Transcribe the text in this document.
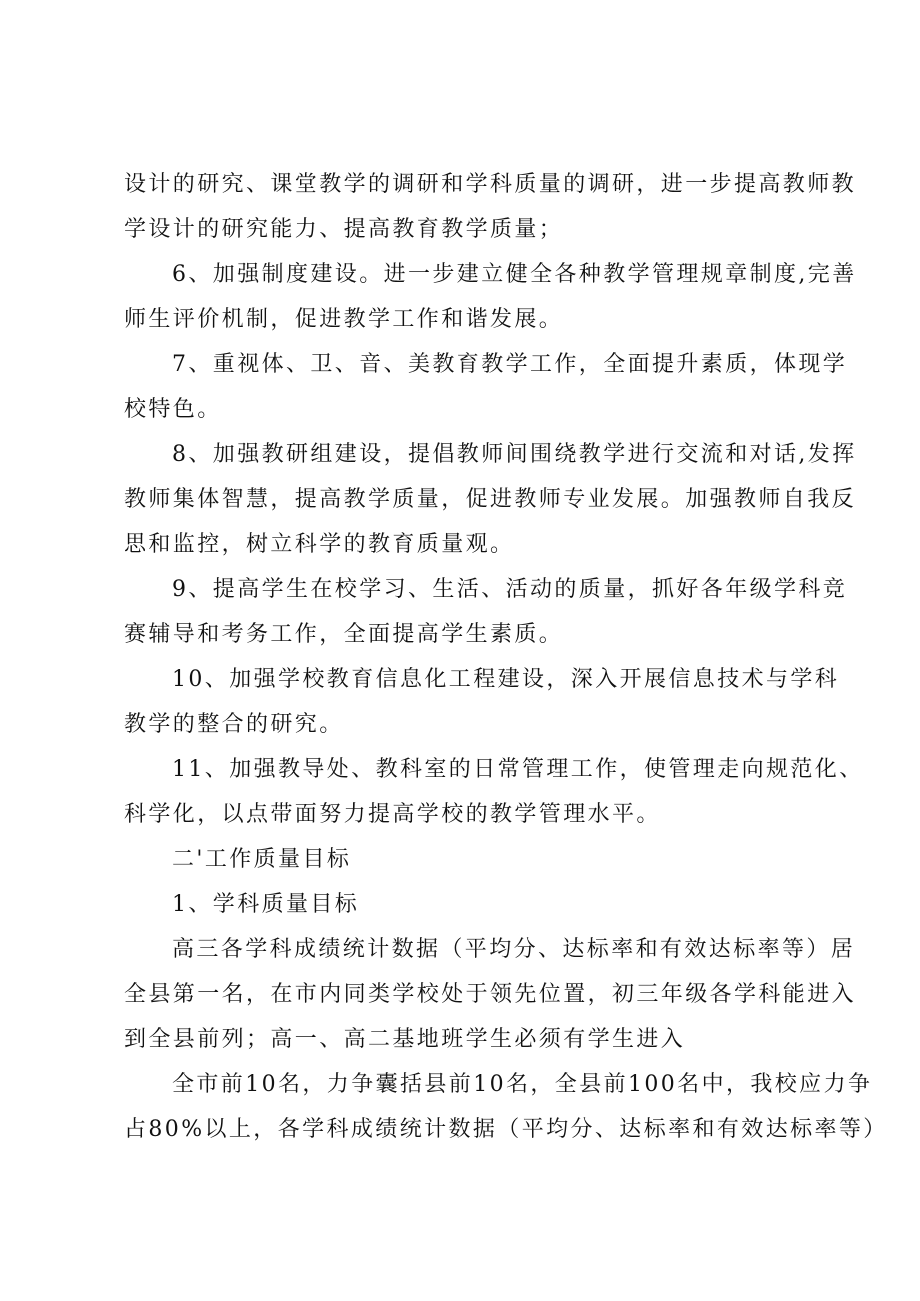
设计的研究、课堂教学的调研和学科质量的调研，进一步提高教师教
学设计的研究能力、提高教育教学质量；
6、加强制度建设。进一步建立健全各种教学管理规章制度,完善
师生评价机制，促进教学工作和谐发展。
7、重视体、卫、音、美教育教学工作，全面提升素质，体现学
校特色。
8、加强教研组建设，提倡教师间围绕教学进行交流和对话,发挥
教师集体智慧，提高教学质量，促进教师专业发展。加强教师自我反
思和监控，树立科学的教育质量观。
9、提高学生在校学习、生活、活动的质量，抓好各年级学科竞
赛辅导和考务工作，全面提高学生素质。
10、加强学校教育信息化工程建设，深入开展信息技术与学科
教学的整合的研究。
11、加强教导处、教科室的日常管理工作，使管理走向规范化、
科学化，以点带面努力提高学校的教学管理水平。
二'工作质量目标
1、学科质量目标
高三各学科成绩统计数据（平均分、达标率和有效达标率等）居
全县第一名，在市内同类学校处于领先位置，初三年级各学科能进入
到全县前列；高一、高二基地班学生必须有学生进入
全市前10名，力争囊括县前10名，全县前100名中，我校应力争
占80%以上，各学科成绩统计数据（平均分、达标率和有效达标率等）
